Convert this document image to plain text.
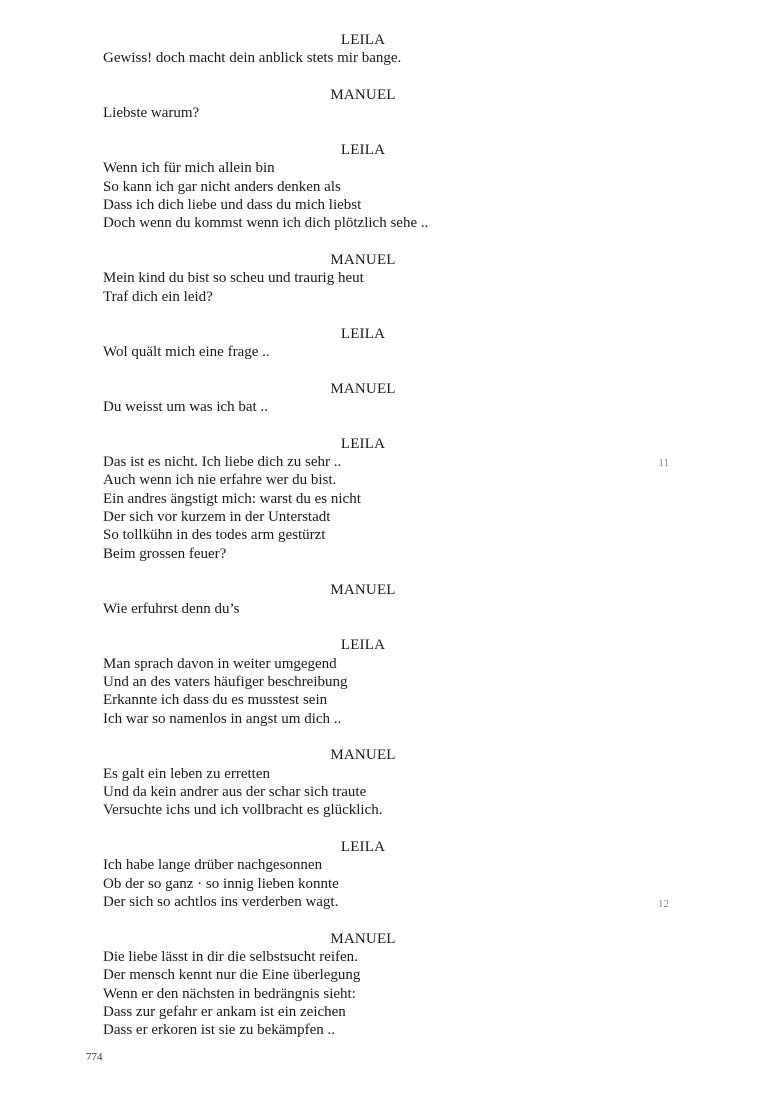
LEILA
Gewiss! doch macht dein anblick stets mir bange.
MANUEL
Liebste warum?
LEILA
Wenn ich für mich allein bin
So kann ich gar nicht anders denken als
Dass ich dich liebe und dass du mich liebst
Doch wenn du kommst wenn ich dich plötzlich sehe ..
MANUEL
Mein kind du bist so scheu und traurig heut
Traf dich ein leid?
LEILA
Wol quält mich eine frage ..
MANUEL
Du weisst um was ich bat ..
LEILA
Das ist es nicht. Ich liebe dich zu sehr ..
Auch wenn ich nie erfahre wer du bist.
Ein andres ängstigt mich: warst du es nicht
Der sich vor kurzem in der Unterstadt
So tollkühn in des todes arm gestürzt
Beim grossen feuer?
MANUEL
Wie erfuhrst denn du’s
LEILA
Man sprach davon in weiter umgegend
Und an des vaters häufiger beschreibung
Erkannte ich dass du es musstest sein
Ich war so namenlos in angst um dich ..
MANUEL
Es galt ein leben zu erretten
Und da kein andrer aus der schar sich traute
Versuchte ichs und ich vollbracht es glücklich.
LEILA
Ich habe lange drüber nachgesonnen
Ob der so ganz · so innig lieben konnte
Der sich so achtlos ins verderben wagt.
MANUEL
Die liebe lässt in dir die selbstsucht reifen.
Der mensch kennt nur die Eine überlegung
Wenn er den nächsten in bedrängnis sieht:
Dass zur gefahr er ankam ist ein zeichen
Dass er erkoren ist sie zu bekämpfen ..
11
12
774
